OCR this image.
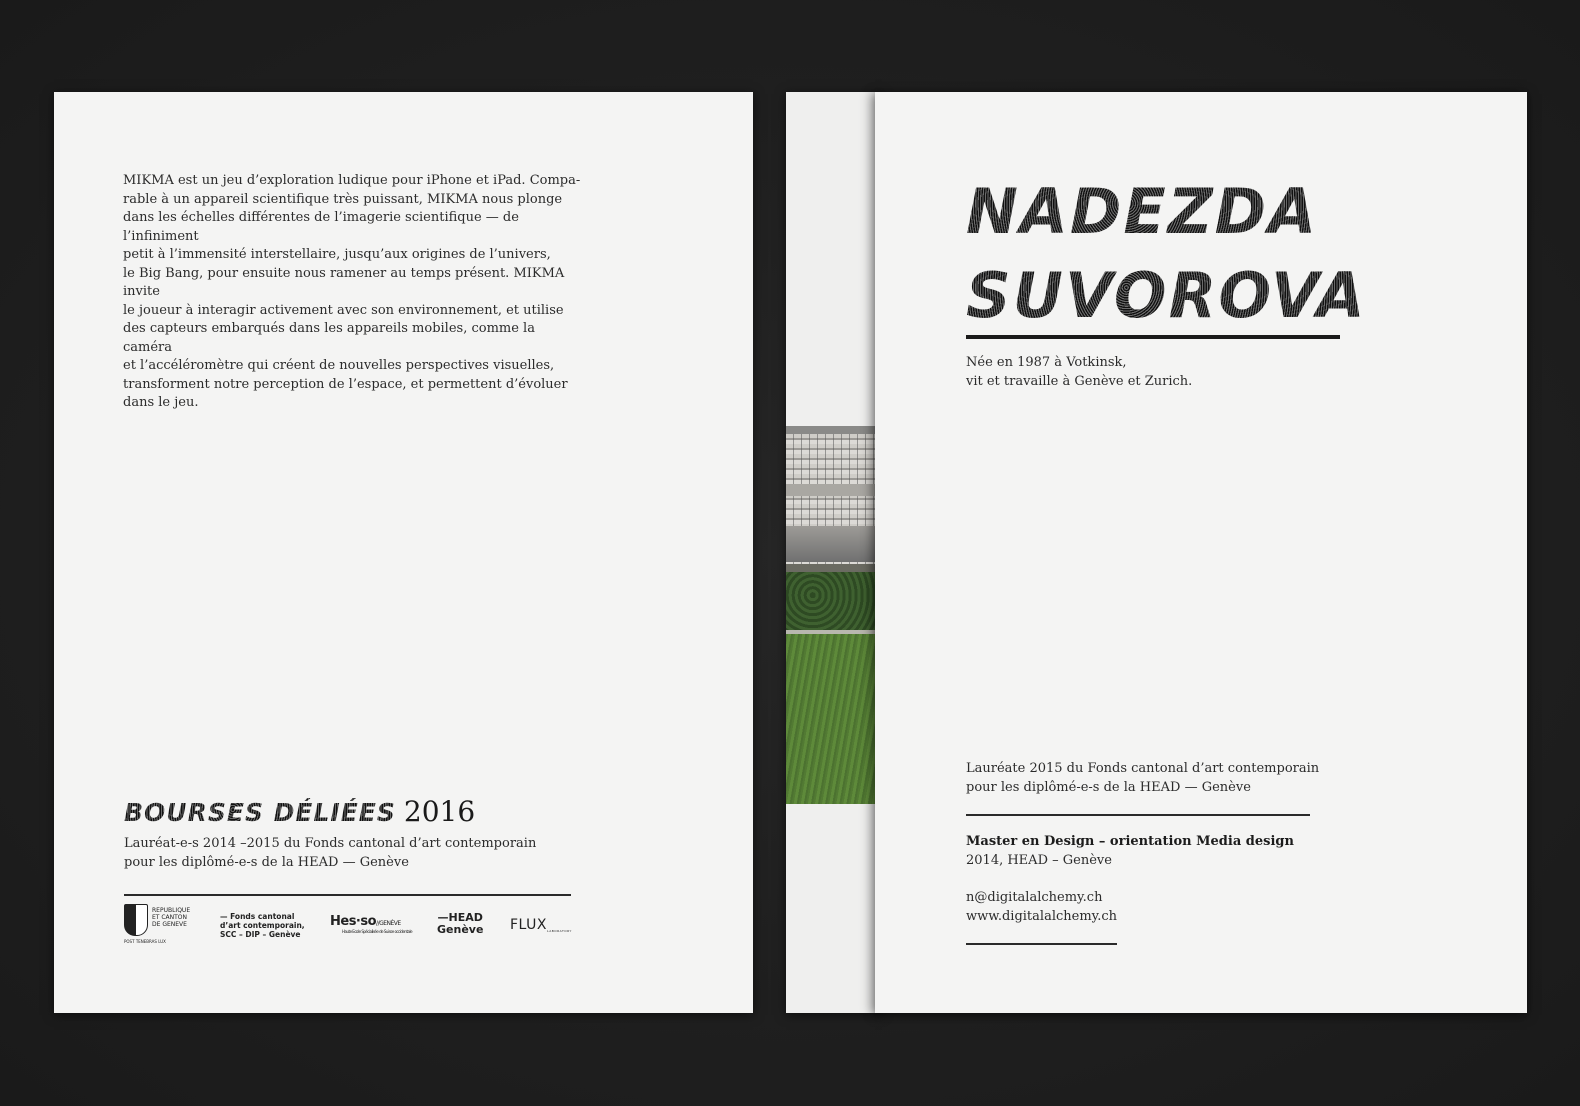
MIKMA est un jeu d’exploration ludique pour iPhone et iPad. Compa-
rable à un appareil scientifique très puissant, MIKMA nous plonge
dans les échelles différentes de l’imagerie scientifique — de l’infiniment
petit à l’immensité interstellaire, jusqu’aux origines de l’univers,
le Big Bang, pour ensuite nous ramener au temps présent. MIKMA invite
le joueur à interagir activement avec son environnement, et utilise
des capteurs embarqués dans les appareils mobiles, comme la caméra
et l’accéléromètre qui créent de nouvelles perspectives visuelles,
transforment notre perception de l’espace, et permettent d’évoluer
dans le jeu.

BOURSES DÉLIÉES 2016

Lauréat-e-s 2014 –2015 du Fonds cantonal d’art contemporain

pour les diplômé-e-s de la HEAD — Genève

REPUBLIQUE ET CANTON DE GENEVE
POST TENEBRAS LUX
— Fonds cantonal
d’art contemporain,
SCC – DIP – Genève
Hes·so//GENÈVE
Haute Ecole Spécialisée de Suisse occidentale
—HEAD
Genève FLUXLABORATORY
NADEZDA
SUVOROVA

Née en 1987 à Votkinsk,

vit et travaille à Genève et Zurich.

Lauréate 2015 du Fonds cantonal d’art contemporain

pour les diplômé-e-s de la HEAD — Genève

Master en Design – orientation Media design

2014, HEAD – Genève

n@digitalalchemy.ch

www.digitalalchemy.ch
